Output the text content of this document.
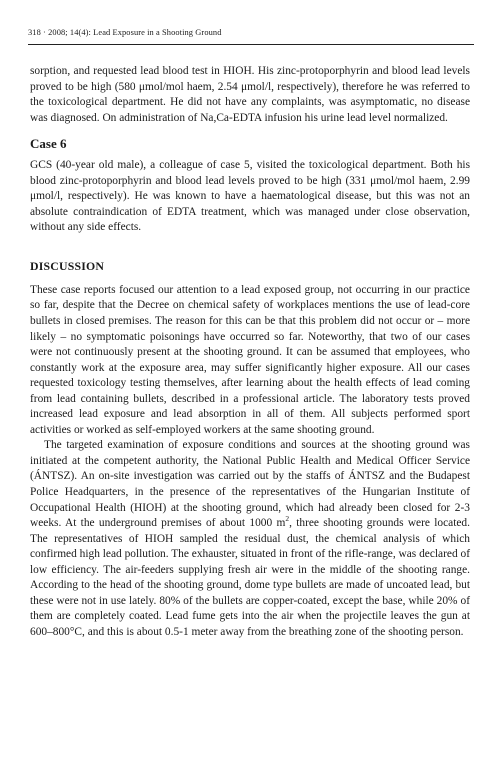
318 · 2008; 14(4): Lead Exposure in a Shooting Ground

sorption, and requested lead blood test in HIOH. His zinc-protoporphyrin and blood lead levels proved to be high (580 μmol/mol haem, 2.54 μmol/l, respectively), therefore he was referred to the toxicological department. He did not have any complaints, was asymptomatic, no disease was diagnosed. On administration of Na,Ca-EDTA infusion his urine lead level normalized.

Case 6

GCS (40-year old male), a colleague of case 5, visited the toxicological department. Both his blood zinc-protoporphyrin and blood lead levels proved to be high (331 μmol/mol haem, 2.99 μmol/l, respectively). He was known to have a haematological disease, but this was not an absolute contraindication of EDTA treatment, which was managed under close observation, without any side effects.

DISCUSSION

These case reports focused our attention to a lead exposed group, not occurring in our practice so far, despite that the Decree on chemical safety of workplaces mentions the use of lead-core bullets in closed premises. The reason for this can be that this problem did not occur or – more likely – no symptomatic poisonings have occurred so far. Noteworthy, that two of our cases were not continuously present at the shooting ground. It can be assumed that employees, who constantly work at the exposure area, may suffer significantly higher exposure. All our cases requested toxicology testing themselves, after learning about the health effects of lead coming from lead containing bullets, described in a professional article. The laboratory tests proved increased lead exposure and lead absorption in all of them. All subjects performed sport activities or worked as self-employed workers at the same shooting ground.

The targeted examination of exposure conditions and sources at the shooting ground was initiated at the competent authority, the National Public Health and Medical Officer Service (ÁNTSZ). An on-site investigation was carried out by the staffs of ÁNTSZ and the Budapest Police Headquarters, in the presence of the representatives of the Hungarian Institute of Occupational Health (HIOH) at the shooting ground, which had already been closed for 2-3 weeks. At the underground premises of about 1000 $m^2$, three shooting grounds were located. The representatives of HIOH sampled the residual dust, the chemical analysis of which confirmed high lead pollution. The exhauster, situated in front of the rifle-range, was declared of low efficiency. The air-feeders supplying fresh air were in the middle of the shooting range. According to the head of the shooting ground, dome type bullets are made of uncoated lead, but these were not in use lately. 80% of the bullets are copper-coated, except the base, while 20% of them are completely coated. Lead fume gets into the air when the projectile leaves the gun at 600–800°C, and this is about 0.5-1 meter away from the breathing zone of the shooting person.
